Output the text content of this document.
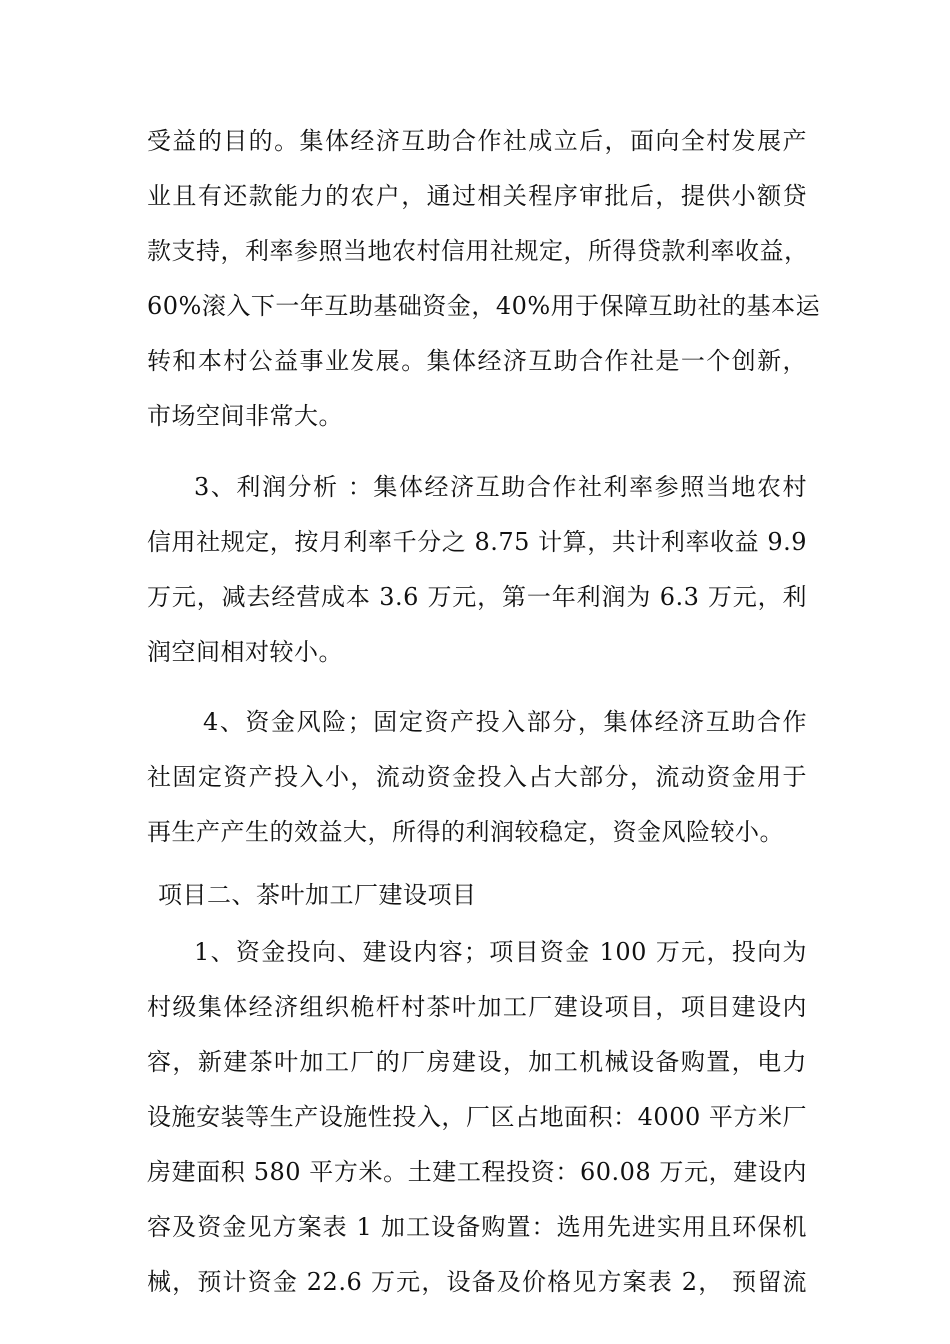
受益的目的。集体经济互助合作社成立后，面向全村发展产
业且有还款能力的农户，通过相关程序审批后，提供小额贷
款支持，利率参照当地农村信用社规定，所得贷款利率收益，
60%滚入下一年互助基础资金，40%用于保障互助社的基本运
转和本村公益事业发展。集体经济互助合作社是一个创新，
市场空间非常大。
3、利润分析 ：集体经济互助合作社利率参照当地农村
信用社规定，按月利率千分之 8.75 计算，共计利率收益 9.9
万元，减去经营成本 3.6 万元，第一年利润为 6.3 万元，利
润空间相对较小。
4、资金风险；固定资产投入部分，集体经济互助合作
社固定资产投入小，流动资金投入占大部分，流动资金用于
再生产产生的效益大，所得的利润较稳定，资金风险较小。
项目二、茶叶加工厂建设项目
1、资金投向、建设内容；项目资金 100 万元，投向为
村级集体经济组织桅杆村茶叶加工厂建设项目，项目建设内
容，新建茶叶加工厂的厂房建设，加工机械设备购置，电力
设施安装等生产设施性投入，厂区占地面积：4000 平方米厂
房建面积 580 平方米。土建工程投资：60.08 万元，建设内
容及资金见方案表 1 加工设备购置：选用先进实用且环保机
械，预计资金 22.6 万元，设备及价格见方案表 2， 预留流
